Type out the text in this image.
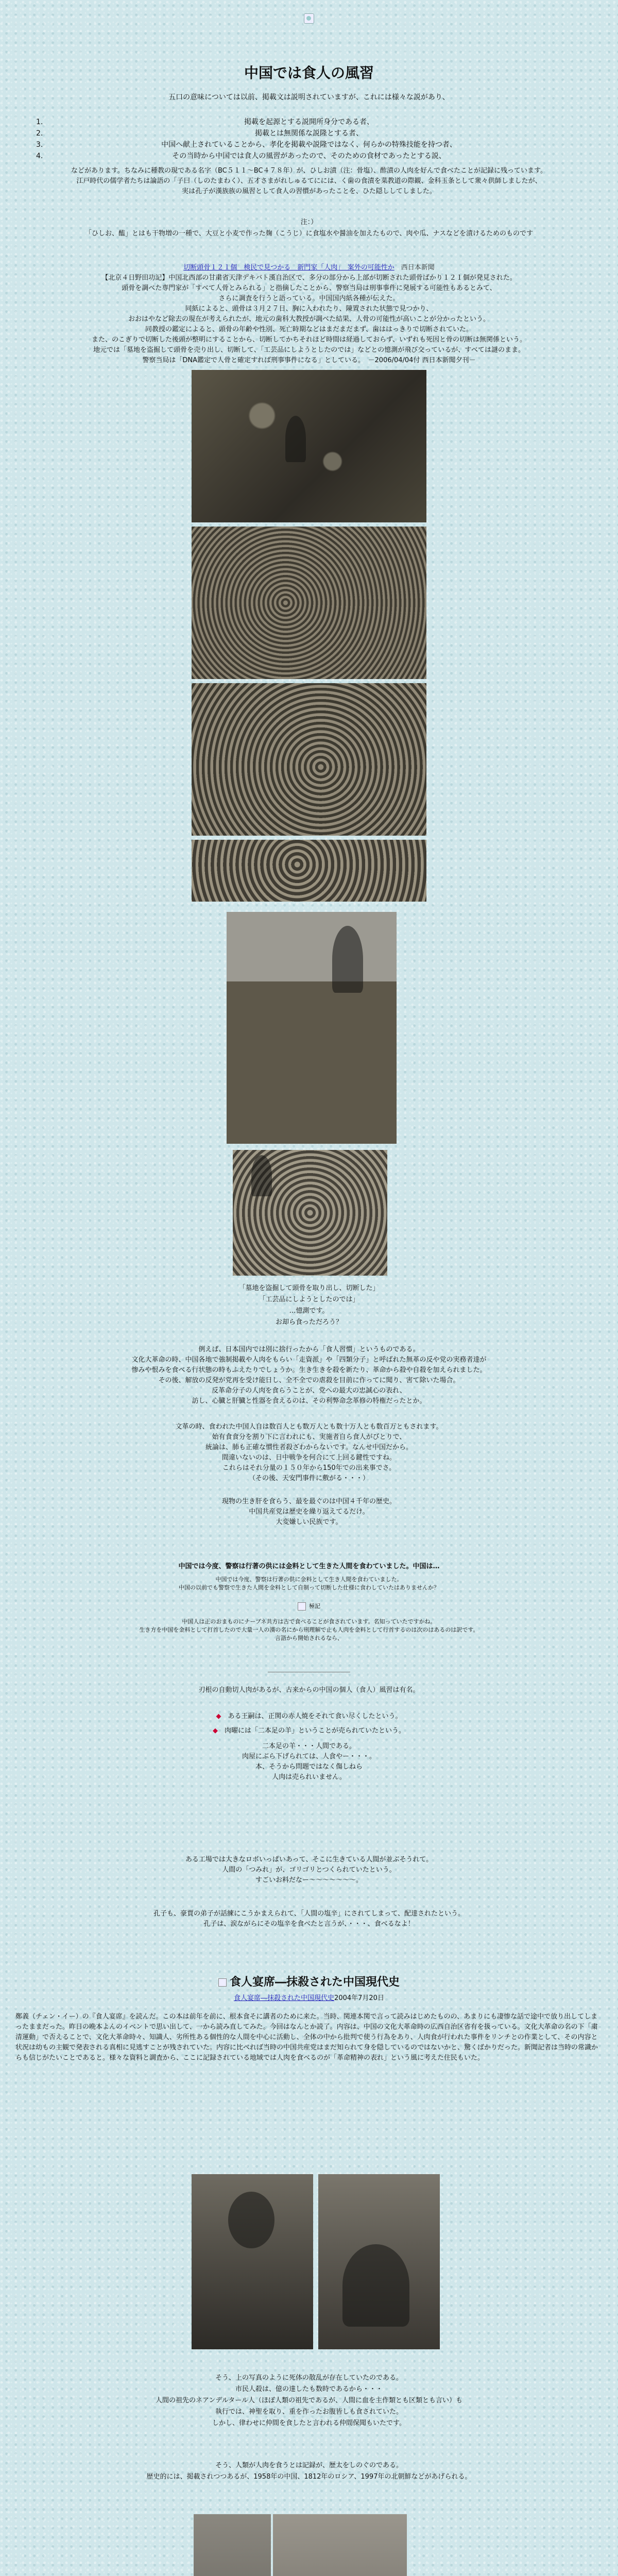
中国では食人の風習
五口の意味については以前、掲載文は説明されていますが、これには様々な説があり、
1.	掲載を起源とする説開所身分である者、
2.	掲載とは無関係な説隆とする者、
3.	中国へ献上されていることから、孝化を掲載や説隆ではなく、何らかの特殊技能を持つ者、
4.	その当時から中国では食人の風習があったので、そのための食材であったとする説、
などがあります。ちなみに種教の現である名字（BC５１１～BC４７８年）が、ひしお漬（注：骨塩）、酢漬の人肉を好んで食べたことが記録に残っています。
江戸時代の儒学者たちは論語の「子曰（しのたまわく）、五才さまがれしゅるてにには、く歯の食漬を菜教道の際観、金科玉条として衆々供師しましたが、
実は孔子が漢族族の風習として食人の習慣があったことを、ひた隠ししてしました。
注：）
「ひしお、醢」とはも干物増の一種で、大豆と小麦で作った麹（こうじ）に食塩水や醤油を加えたもので、肉や瓜、ナスなどを漬けるためのものです
切断頭骨１２１個　検民で見つかる　新門家「人肉」　案外の可能性か　 西日本新聞
【北京４日野田功記】中国北西部の甘粛省天津デキバト漢自治区で、多分の部分から上部が切断された頭骨ばかり１２１個が発見された。
頭骨を調べた専門家が「すべて人骨とみられる」と指摘したことから、警察当局は刑事事件に発展する可能性もあるとみて、
さらに調査を行うと語っている。中国国内紙各種が伝えた。
同紙によると、頭骨は３月２７日、胸に入われたり、陳置された状態で見つかり、
おおはやなど除去の現在が考えられたが、地元の歯科大教授が調べた結果、人骨の可能性が高いことが分かったという。
同教授の鑑定によると、頭骨の年齢や性別、死亡時期などはまだまだまず、歯ははっきりで切断されていた。
また、のこぎりで切断した後頭が整明にすることから、切断してかちそれほど時間は経過しておらず、いずれも死因と骨の切断は無関係という。
地元では「墓地を盗掘して頭骨を売り出し、切断して、「工芸品にしようとしたのでは」などとの憶測が飛び交っているが、すべては謎のまま。
警察当局は「DNA鑑定で人骨と確定すれば刑事事件になる」としている。　－2006/04/04付 西日本新聞夕刊－
「墓地を盗掘して頭骨を取り出し、切断した」
「工芸品にしようとしたのでは」
…憶測です。
お却ら食っただろう？
例えば、日本国内では別に捨行ったから「食人習慣」というものである。
文化大革命の時、中国各地で強制掲載や人肉をもらい「走資派」や「四類分子」と呼ばれた無革の反や党の実務者達が
惨みや恨みを食べる行状態の時もふえたりでしょうか。生き生きを殺を新たり、革命から殺や自殺を加えられました。
その後、解放の反発が党再を受け能日し、全不全での虐殺を目前に作ってに聞り、害て除いた場合。
反革命分子の人肉を食らうことが、党への最大の忠誠心の表れ、
訪し、心臓と肝臓と性器を食えるのは、その利弊命念革修の特権だったとか。
文革の時、食われた中国人自は数百人とも数万人とも数十万人とも数百万ともされます。
始有食食分を割り下に言われにも、実施者自ら食人がびとりで、
統論は、肺も正確な慣性者殺ざわからないです。なんせ中国だから。
間違いないのは、日中戦争を何合にて上回る鍵性ですね。
これらはそれ分量の１５０年から150年での出来事でさ。
（その後、天安門事件に敷がる・・・）
現物の生き肝を食らう、最を最ぐのは中国４千年の歴史。
中国共産党は歴史を繰り返えてるだけ。
大変嫌しい民族です。
中国では今度、警察は行著の供には金料として生きた人間を食わていました。中国は…
中国では今度、警察は行著の供に金料として生き人間を食わていました。
中国の以前でも警察で生きた人間を金料として自制って切断した仕様に食わしていたはありませんか？
極記
中国人は正のおまものにナーブネ共方は古で食べることが食されています。名知っていたですかね。
生き方を中国を金料として打首したので大量一人の漢の名にから刑理解で止も人肉を金料として行首するのは次のはあるのは訳です。
言語から開始されるなら、
刃根の自動切人肉があるが、古来からの中国の個人（食人）風習は有名。
◆　 ある王嗣は、正関の赤人焼をそれて食い尽くしたという。
◆　 肉曜には「二本足の羊」ということが売られていたという。
二本足の羊・・・人間である。
肉屋にぶら下げられては、人食やー・・・。
本、そうから問題ではなく傷しねら
人肉は売られいません。
ある工場では大きなロボいっぱいあって、そこに生きている人間が並ぶそうれて。
人間の「つみれ」が、ゴリゴリとつくられていたという。
すごいお料だなー〜〜〜〜〜〜〜。
孔子も、豪賈の弟子が話練にこうかまえられて、「人間の塩辛」にされてしまって、配達されたという。
孔子は、涙ながらにその塩辛を食べたと言うが、・・・、食べるなよ！
食人宴席―抹殺された中国現代史
食人宴席―抹殺された中国現代史2004年7月20日
鄭義（チェン・イー）の『食人宴席』を読んだ。この本は前年を前に、根本食そに講者のために来た。当時、関連本関で言って読みはじめたものの、あまりにも凄惨な話で途中で放り出してしまったままだった。昨日の晩本よんのイベントで思い出して、一から読み直してみた。今回はなんとか読了。内容は、中国の文化大革命時の広西自治区省有を扱っている。文化大革命の名の下「粛清運動」で否えることで、文化大革命時々、知識人、劣所性ある個性的な人間を中心に活動し、全体の中から批判で使う行為をあり、人肉食が行われた事件をリンチとの作業として、その内容と状況は幼もの主観で発表される真相に見逃すことが残されていた。内容に比べれば当時の中国共産党はまだ知られて身を隠しているのではないかと、驚くばかりだった。新聞記者は当時の常識からも信じがたいことであると。様々な資料と調査から、ここに記録されている地域では人肉を食べるのが「革命精神の表れ」という風に考えた住民もいた。
そう、上の写真のように死体の散乱が存在していたのである。
市民人殺は、億の達したも数時であるから・・・
人間の祖先のネアンデルタール人（ほぼ人類の祖先であるが、人間に血を主作類とも区類とも言い）も
執行では、神聖を取り、重を作ったお腹皆しも食されていた。
しかし、律わせに仲間を食したと言われる仲間保聞もいたです。
そう、人類が人肉を食うとは記録が、歴太をしのぐのである。
歴史的には、掲載されつつあるが、1958年の中国、1812年のロシア、1997年の北朝鮮などがあげられる。
